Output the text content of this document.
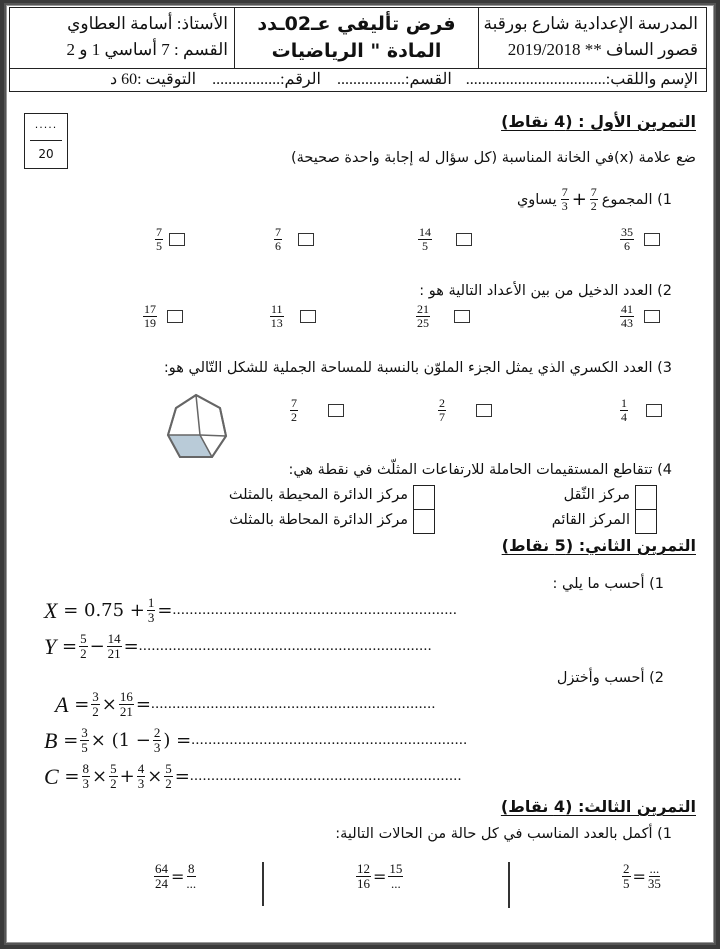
المدرسة الإعدادية شارع بورقبة
قصور الساف ** 2019/2018
فرض تأليفي عـ02ـدد
المادة " الرياضيات
الأستاذ: أسامة العطاوي
القسم : 7 أساسي 1 و 2
الإسم واللقب:...................................  القسم:.................  الرقم:.................  التوقيت :60 د
.....
20
التمرين الأول : (4 نقاط)
ضع علامة (x)في الخانة المناسبة (كل سؤال له إجابة واحدة صحيحة)
1) المجموع
$\frac{7}{3} + \frac{7}{2}$
يساوي
$\frac{35}{6}$
$\frac{14}{5}$
$\frac{7}{6}$
$\frac{7}{5}$
2) العدد الدخيل من بين الأعداد التالية هو :
$\frac{41}{43}$
$\frac{21}{25}$
$\frac{11}{13}$
$\frac{17}{19}$
3) العدد الكسري الذي يمثل الجزء الملوّن بالنسبة للمساحة الجملية للشكل التّالي هو:
$\frac{1}{4}$
$\frac{2}{7}$
$\frac{7}{2}$
4) تتقاطع المستقيمات الحاملة للارتفاعات المثلّث في نقطة هي:
مركز الثّقل
المركز القائم
مركز الدائرة المحيطة بالمثلث
مركز الدائرة المحاطة بالمثلث
التمرين الثاني: (5 نقاط)
1) أحسب ما يلي :
X
= $0.75 + \frac{1}{3}$ = ...................................................................
Y
= $\frac{5}{2} - \frac{14}{21}$ = .....................................................................
2) أحسب وأختزل
A
= $\frac{3}{2} \times \frac{16}{21}$ = ...................................................................
B
= $\frac{3}{5}$ ×
($1 - \frac{2}{3}$ )
= .................................................................
C
= $\frac{8}{3} \times \frac{5}{2} + \frac{4}{3} \times \frac{5}{2}$ = ................................................................
التمرين الثالث: (4 نقاط)
1) أكمل بالعدد المناسب في كل حالة من الحالات التالية:
$\frac{2}{5} = \frac{...}{35}$
$\frac{12}{16} = \frac{15}{...}$
$\frac{64}{24} = \frac{8}{...}$
